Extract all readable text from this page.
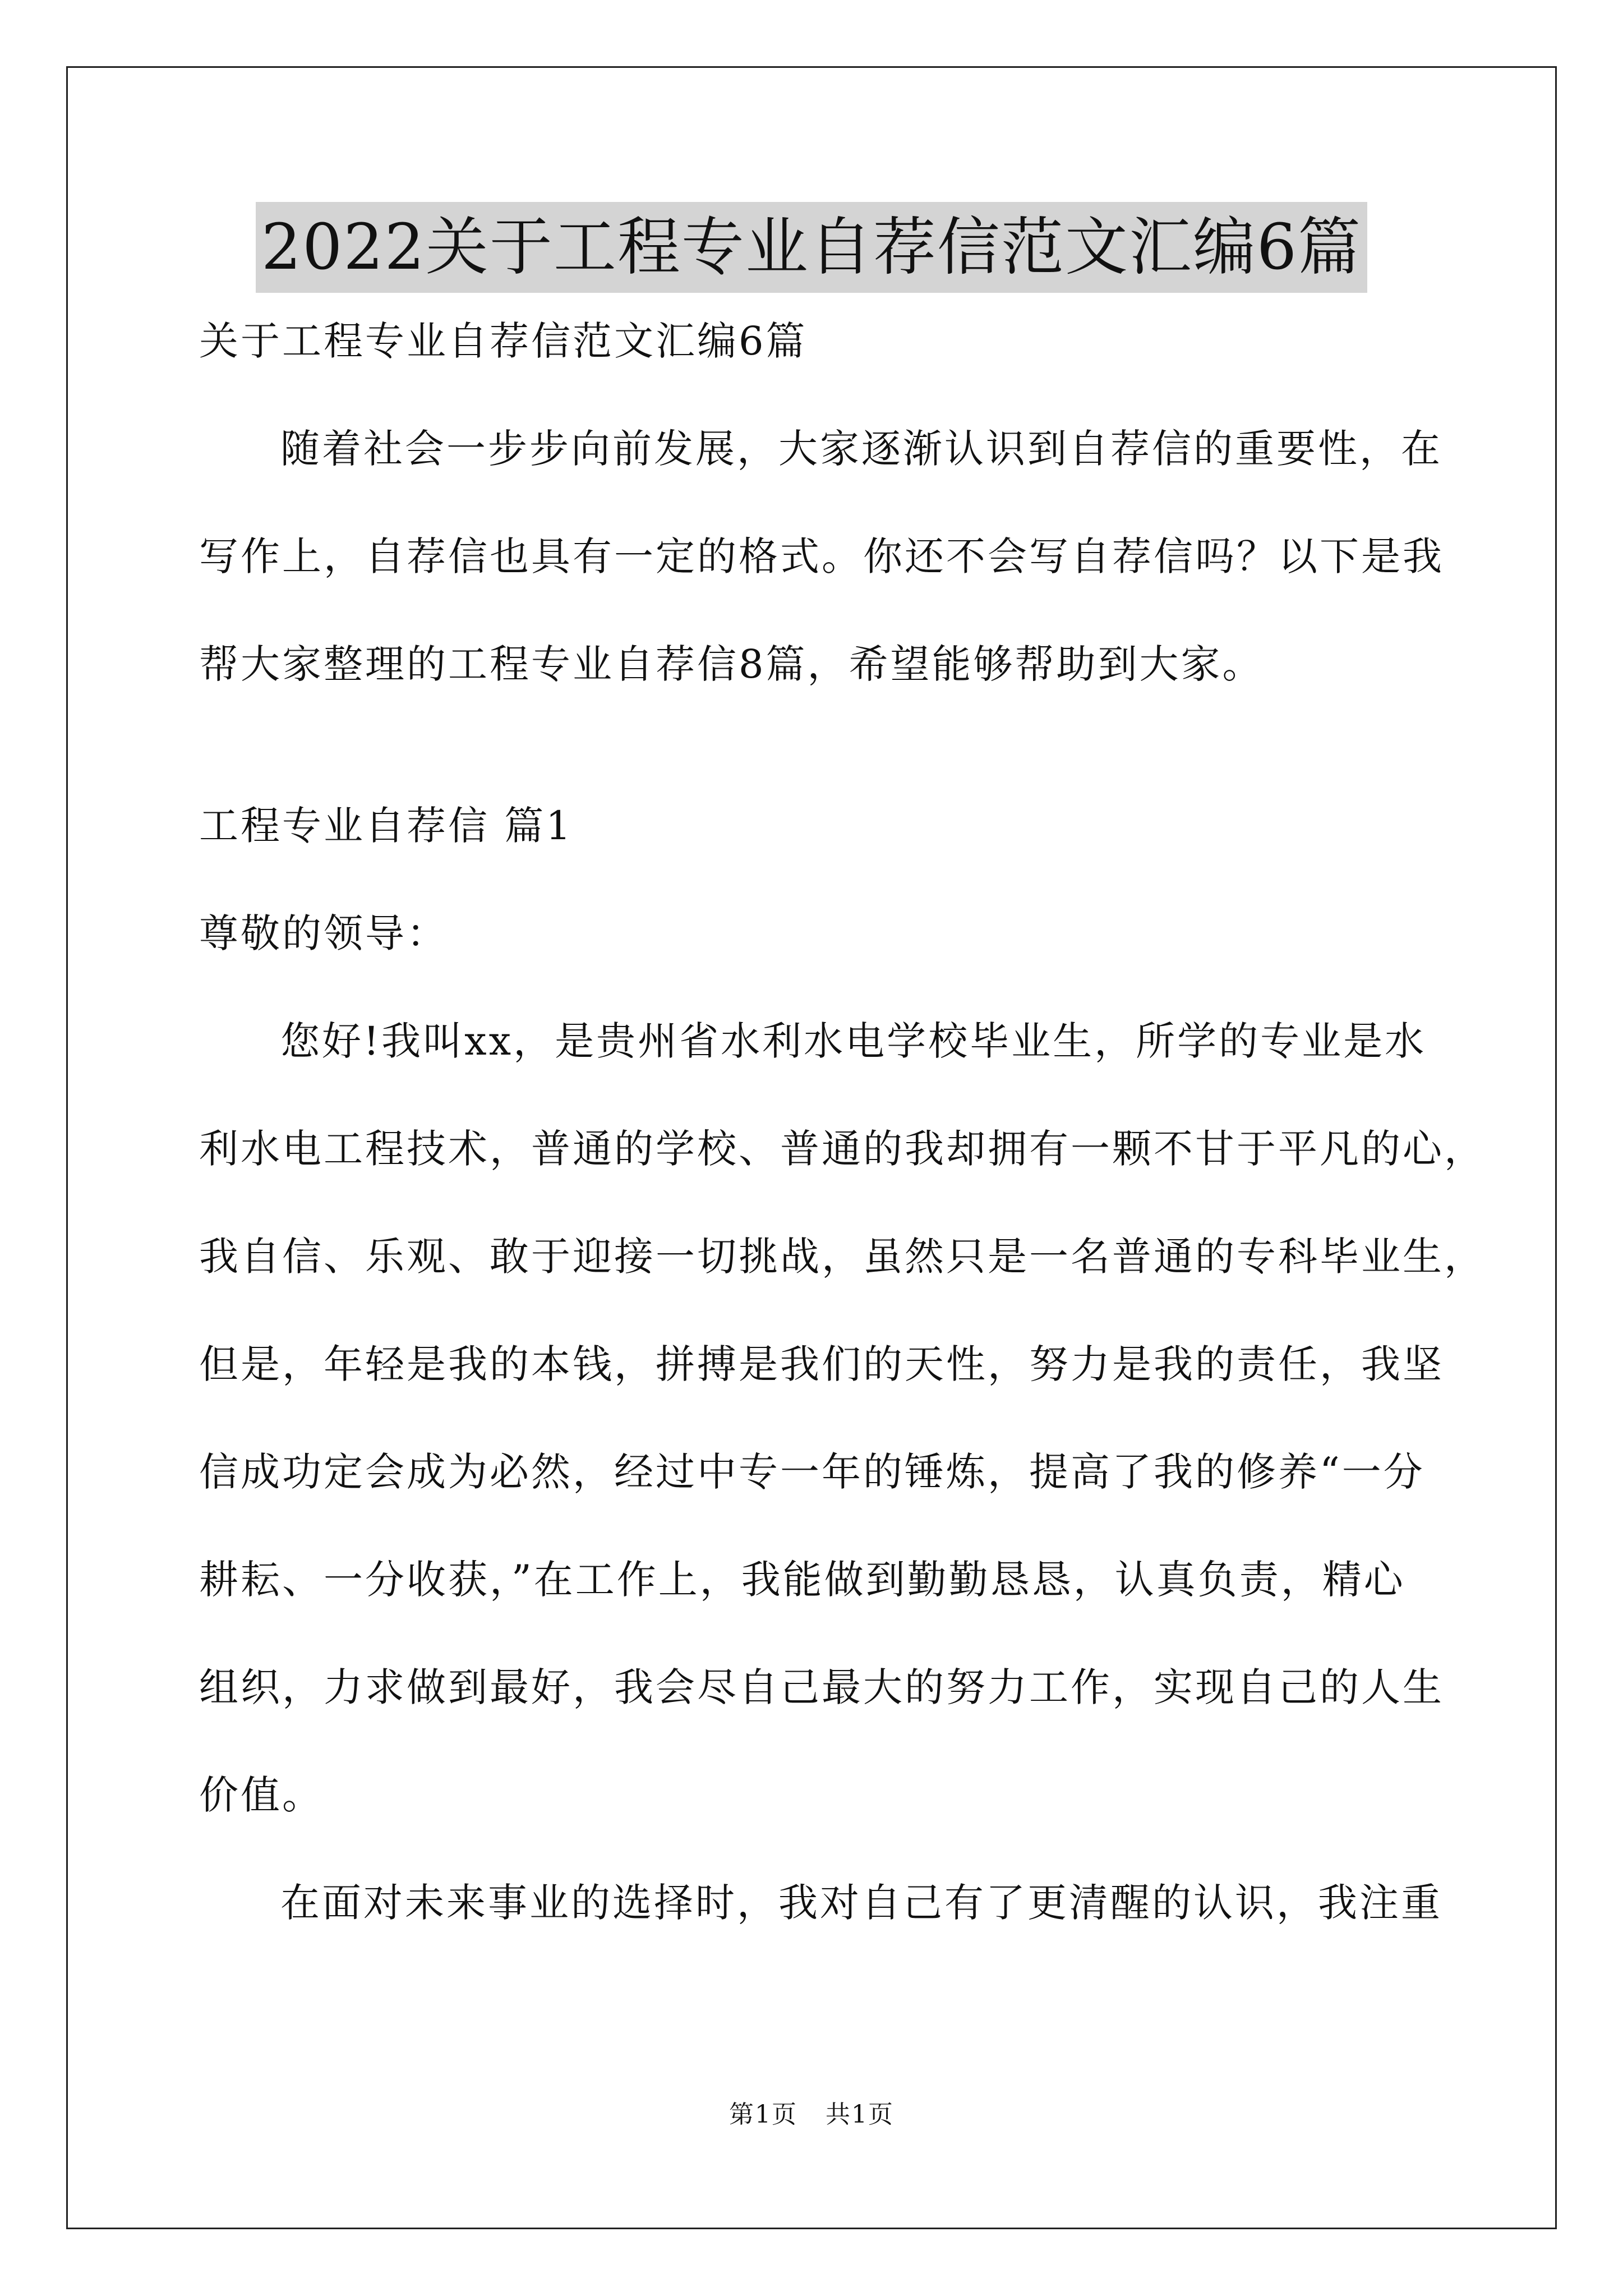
2022关于工程专业自荐信范文汇编6篇
关于工程专业自荐信范文汇编6篇
随着社会一步步向前发展，大家逐渐认识到自荐信的重要性，在
写作上，自荐信也具有一定的格式。你还不会写自荐信吗？以下是我
帮大家整理的工程专业自荐信8篇，希望能够帮助到大家。
工程专业自荐信 篇1
尊敬的领导：
您好!我叫xx，是贵州省水利水电学校毕业生，所学的专业是水
利水电工程技术，普通的学校、普通的我却拥有一颗不甘于平凡的心，
我自信、乐观、敢于迎接一切挑战，虽然只是一名普通的专科毕业生，
但是，年轻是我的本钱，拼搏是我们的天性，努力是我的责任，我坚
信成功定会成为必然，经过中专一年的锤炼，提高了我的修养“一分
耕耘、一分收获，”在工作上，我能做到勤勤恳恳，认真负责，精心
组织，力求做到最好，我会尽自己最大的努力工作，实现自己的人生
价值。
在面对未来事业的选择时，我对自己有了更清醒的认识，我注重
第1页 共1页
